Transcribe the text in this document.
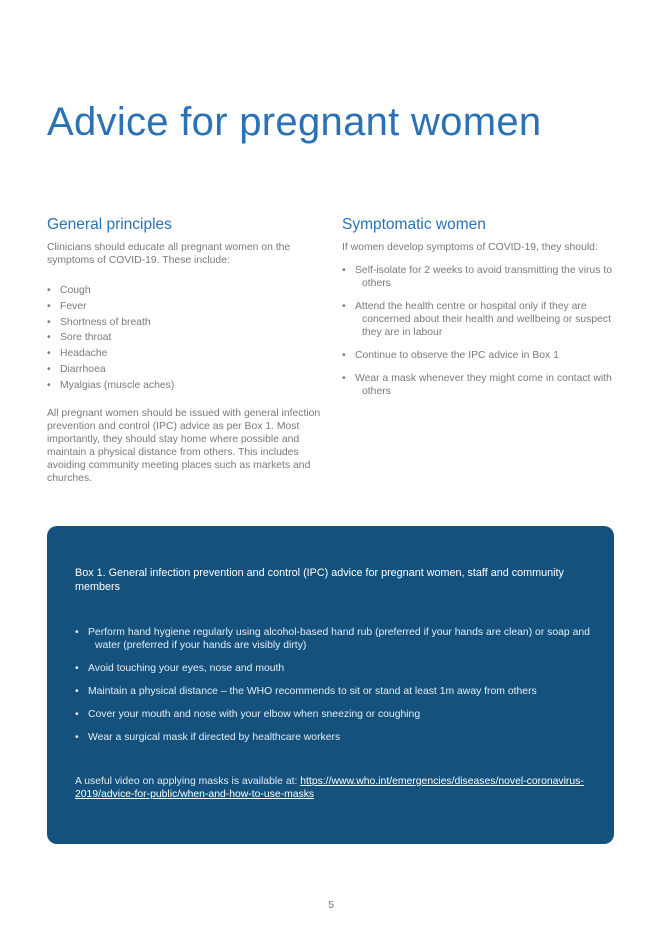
Advice for pregnant women
General principles

Clinicians should educate all pregnant women on the symptoms of COVID-19. These include:

• Cough
• Fever
• Shortness of breath
• Sore throat
• Headache
• Diarrhoea
• Myalgias (muscle aches)

All pregnant women should be issued with general infection prevention and control (IPC) advice as per Box 1. Most importantly, they should stay home where possible and maintain a physical distance from others. This includes avoiding community meeting places such as markets and churches.

Symptomatic women

If women develop symptoms of COVID-19, they should:

• Self-isolate for 2 weeks to avoid transmitting the virus to others
• Attend the health centre or hospital only if they are concerned about their health and wellbeing or suspect they are in labour
• Continue to observe the IPC advice in Box 1
• Wear a mask whenever they might come in contact with others
Box 1. General infection prevention and control (IPC) advice for pregnant women, staff and community members
• Perform hand hygiene regularly using alcohol-based hand rub (preferred if your hands are clean) or soap and water (preferred if your hands are visibly dirty)
• Avoid touching your eyes, nose and mouth
• Maintain a physical distance – the WHO recommends to sit or stand at least 1m away from others
• Cover your mouth and nose with your elbow when sneezing or coughing
• Wear a surgical mask if directed by healthcare workers

A useful video on applying masks is available at: https://www.who.int/emergencies/diseases/novel-coronavirus-2019/advice-for-public/when-and-how-to-use-masks

5
